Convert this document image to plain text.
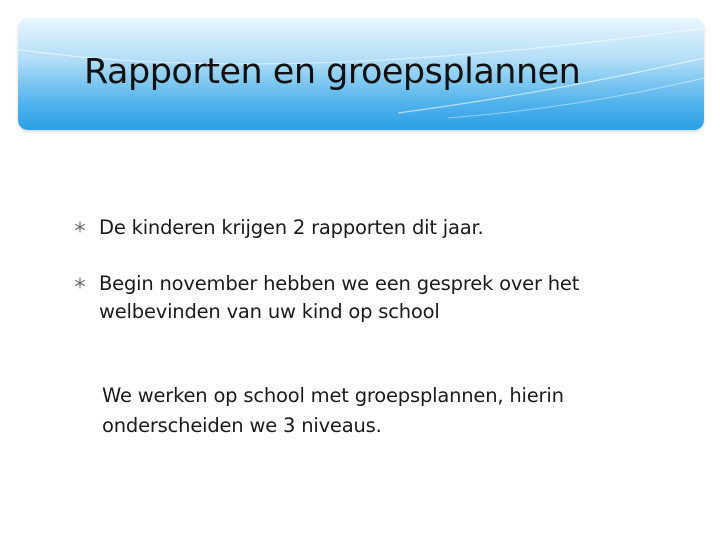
Rapporten en groepsplannen
De kinderen krijgen 2 rapporten dit jaar.
Begin november hebben we een gesprek over het welbevinden van uw kind op school
We werken op school met groepsplannen, hierin
onderscheiden we 3 niveaus.
